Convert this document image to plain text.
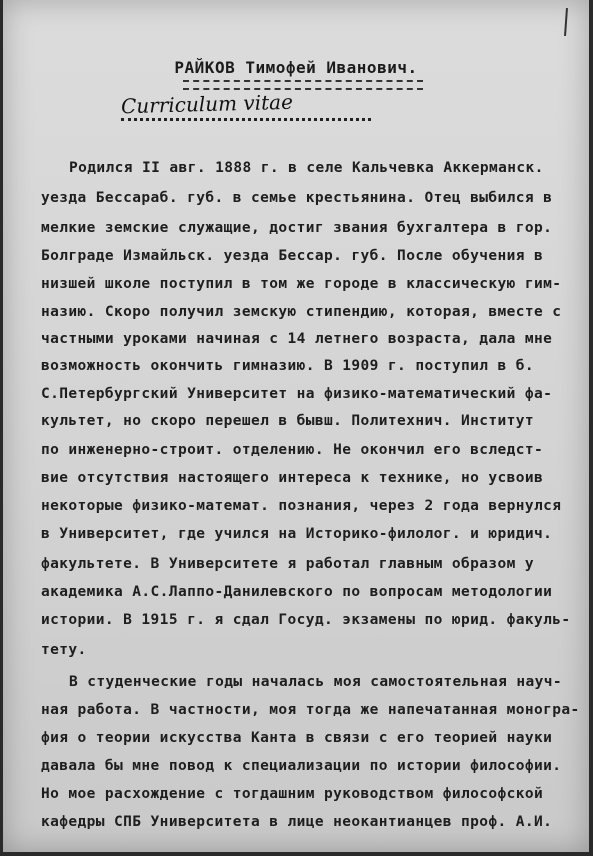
РАЙКОВ Тимофей Иванович.
Curriculum vitae
Родился II авг. 1888 г. в селе Кальчевка Аккерманск.
уезда Бессараб. губ. в семье крестьянина. Отец выбился в
мелкие земские служащие, достиг звания бухгалтера в гор.
Болграде Измайльск. уезда Бессар. губ. После обучения в
низшей школе поступил в том же городе в классическую гим-
назию. Скоро получил земскую стипендию, которая, вместе с
частными уроками начиная с 14 летнего возраста, дала мне
возможность окончить гимназию. В 1909 г. поступил в б.
С.Петербургский Университет на физико-математический фа-
культет, но скоро перешел в бывш. Политехнич. Институт
по инженерно-строит. отделению. Не окончил его вследст-
вие отсутствия настоящего интереса к технике, но усвоив
некоторые физико-математ. познания, через 2 года вернулся
в Университет, где учился на Историко-филолог. и юридич.
факультете. В Университете я работал главным образом у
академика А.С.Лаппо-Данилевского по вопросам методологии
истории. В 1915 г. я сдал Госуд. экзамены по юрид. факуль-
тету.
В студенческие годы началась моя самостоятельная науч-
ная работа. В частности, моя тогда же напечатанная моногра-
фия о теории искусства Канта в связи с его теорией науки
давала бы мне повод к специализации по истории философии.
Но мое расхождение с тогдашним руководством философской
кафедры СПБ Университета в лице неокантианцев проф. А.И.
